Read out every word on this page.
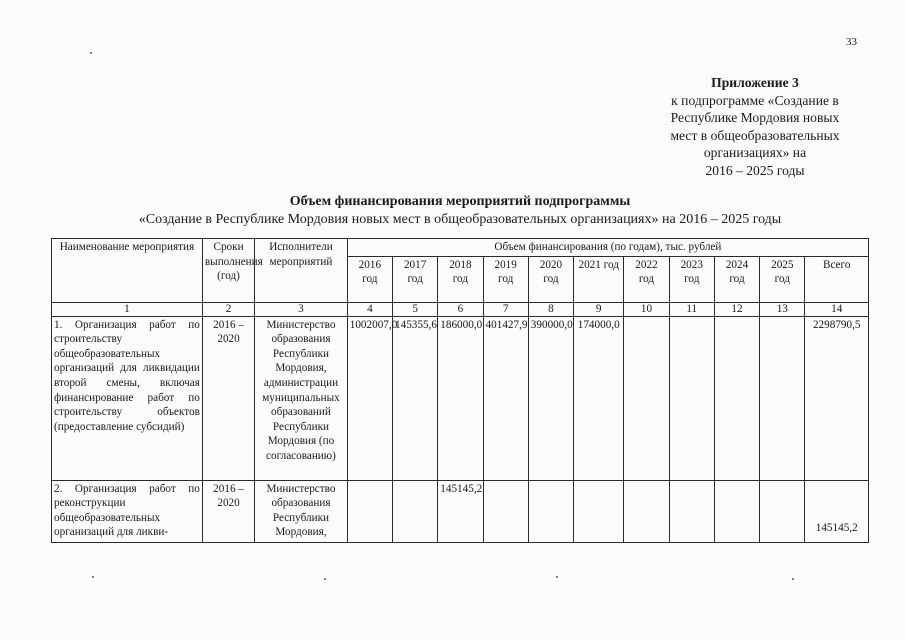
33
Приложение 3
к подпрограмме «Создание в
Республике Мордовия новых
мест в общеобразовательных
организациях» на
2016 – 2025 годы
Объем финансирования мероприятий подпрограммы
«Создание в Республике Мордовия новых мест в общеобразовательных организациях» на 2016 – 2025 годы
Наименование мероприятия	Сроки выполнения (год)	Исполнители мероприятий	Объем финансирования (по годам), тыс. рублей										
			2016 год	2017 год	2018 год	2019 год	2020 год	2021 год	2022 год	2023 год	2024 год	2025 год	Всего
1	2	3	4	5	6	7	8	9	10	11	12	13	14
1. Организация работ по строительству общеобразовательных организаций для ликвидации второй смены, включая финансирование работ по строительству объектов (предоставление субсидий)	2016 – 2020	Министерство образования Республики Мордовия, администрации муниципальных образований Республики Мордовия (по согласованию)	1002007,0	145355,6	186000,0	401427,9	390000,0	174000,0					2298790,5
2. Организация работ по реконструкции общеобразовательных организаций для ликви-	2016 – 2020	Министерство образования Республики Мордовия,			145145,2								145145,2
